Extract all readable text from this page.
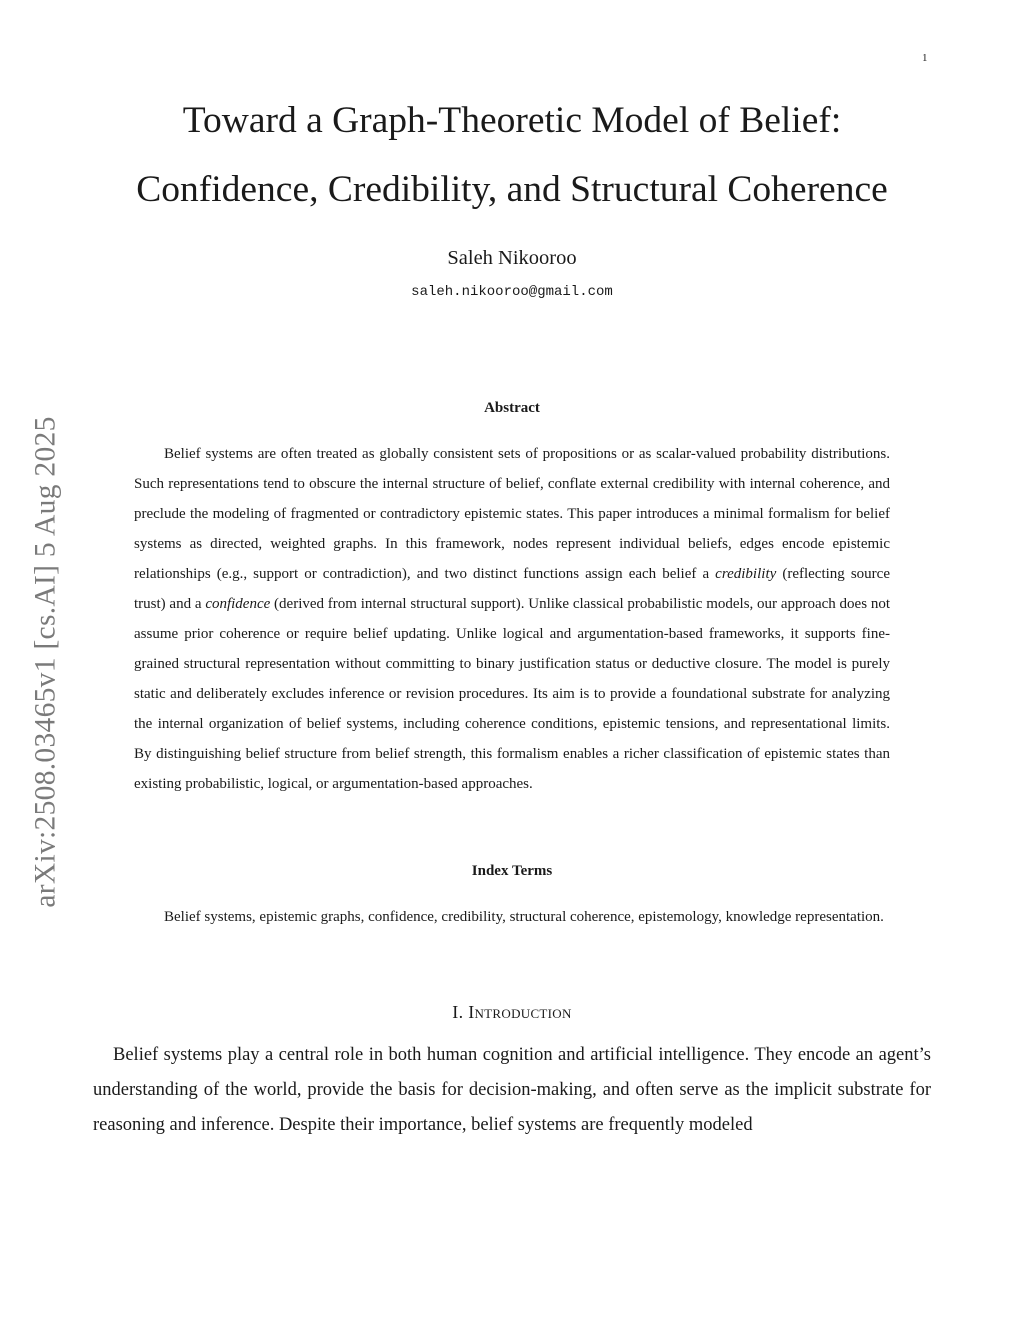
1
arXiv:2508.03465v1 [cs.AI] 5 Aug 2025
Toward a Graph-Theoretic Model of Belief:
Confidence, Credibility, and Structural Coherence
Saleh Nikooroo
saleh.nikooroo@gmail.com
Abstract

Belief systems are often treated as globally consistent sets of propositions or as scalar-valued probability distributions. Such representations tend to obscure the internal structure of belief, conflate external credibility with internal coherence, and preclude the modeling of fragmented or contradictory epistemic states. This paper introduces a minimal formalism for belief systems as directed, weighted graphs. In this framework, nodes represent individual beliefs, edges encode epistemic relationships (e.g., support or contradiction), and two distinct functions assign each belief a credibility (reflecting source trust) and a confidence (derived from internal structural support). Unlike classical probabilistic models, our approach does not assume prior coherence or require belief updating. Unlike logical and argumentation-based frameworks, it supports fine-grained structural representation without committing to binary justification status or deductive closure. The model is purely static and deliberately excludes inference or revision procedures. Its aim is to provide a foundational substrate for analyzing the internal organization of belief systems, including coherence conditions, epistemic tensions, and representational limits. By distinguishing belief structure from belief strength, this formalism enables a richer classification of epistemic states than existing probabilistic, logical, or argumentation-based approaches.

Index Terms

Belief systems, epistemic graphs, confidence, credibility, structural coherence, epistemology, knowledge representation.

I. Introduction

Belief systems play a central role in both human cognition and artificial intelligence. They encode an agent’s understanding of the world, provide the basis for decision-making, and often serve as the implicit substrate for reasoning and inference. Despite their importance, belief systems are frequently modeled
